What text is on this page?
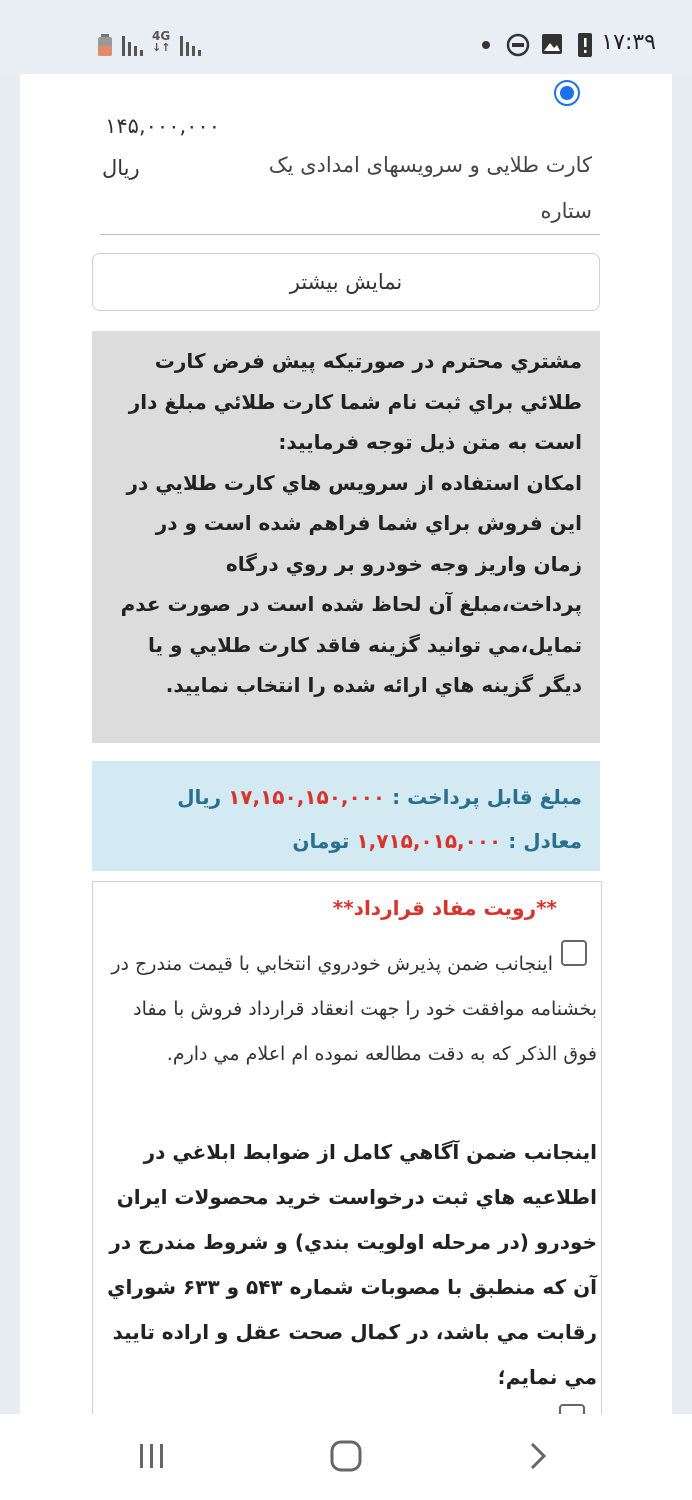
4G
↓↑	۱۷:۳۹
۱۴۵,۰۰۰,۰۰۰
ریال	کارت طلایی و سرویسهای امدادی یک ستاره
نمایش بیشتر

مشتري محترم در صورتيكه پيش فرض كارت طلائي براي ثبت نام شما كارت طلائي مبلغ دار است به متن ذيل توجه فرماييد:

امكان استفاده از سرويس هاي كارت طلايي در اين فروش براي شما فراهم شده است و در زمان واريز وجه خودرو بر روي درگاه پرداخت،مبلغ آن لحاظ شده است در صورت عدم تمايل،مي توانيد گزينه فاقد كارت طلايي و يا ديگر گزينه هاي ارائه شده را انتخاب نماييد.

مبلغ قابل پرداخت : ۱۷,۱۵۰,۱۵۰,۰۰۰ ریال     معادل : ۱,۷۱۵,۰۱۵,۰۰۰ تومان
**رویت مفاد قرارداد**
اینجانب ضمن پذيرش خودروي انتخابي با قيمت مندرج در بخشنامه موافقت خود را جهت انعقاد قرارداد فروش با مفاد فوق الذکر که به دقت مطالعه نموده ام اعلام مي دارم.
اينجانب ضمن آگاهي كامل از ضوابط ابلاغي در اطلاعيه هاي ثبت درخواست خريد محصولات ايران خودرو (در مرحله اولويت بندي) و شروط مندرج در آن كه منطبق با مصوبات شماره ۵۴۳ و ۶۳۳ شوراي رقابت مي باشد، در كمال صحت عقل و اراده تاييد مي نمايم؛
